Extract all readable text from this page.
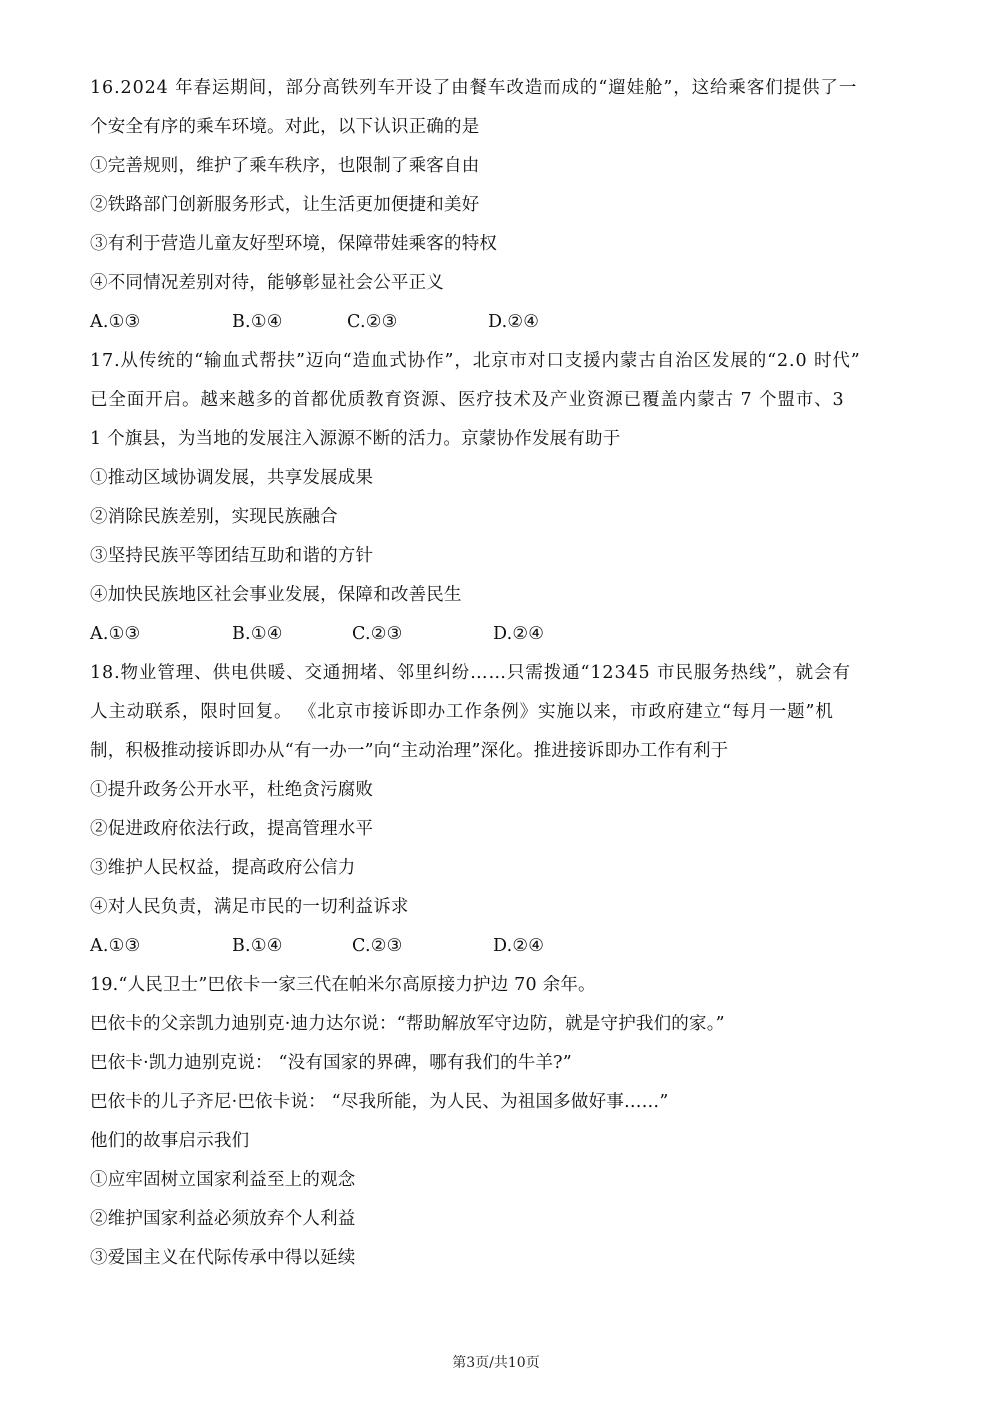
16.2024 年春运期间，部分高铁列车开设了由餐车改造而成的“遛娃舱”，这给乘客们提供了一
个安全有序的乘车环境。对此，以下认识正确的是
①完善规则，维护了乘车秩序，也限制了乘客自由
②铁路部门创新服务形式，让生活更加便捷和美好
③有利于营造儿童友好型环境，保障带娃乘客的特权
④不同情况差别对待，能够彰显社会公平正义
A.①③	B.①④	C.②③	D.②④
17.从传统的“输血式帮扶”迈向“造血式协作”，北京市对口支援内蒙古自治区发展的“2.0 时代”
已全面开启。越来越多的首都优质教育资源、医疗技术及产业资源已覆盖内蒙古 7 个盟市、3
1 个旗县，为当地的发展注入源源不断的活力。京蒙协作发展有助于
①推动区域协调发展，共享发展成果
②消除民族差别，实现民族融合
③坚持民族平等团结互助和谐的方针
④加快民族地区社会事业发展，保障和改善民生
A.①③	B.①④	C.②③	D.②④
18.物业管理、供电供暖、交通拥堵、邻里纠纷……只需拨通“12345 市民服务热线”，就会有
人主动联系，限时回复。 《北京市接诉即办工作条例》实施以来，市政府建立“每月一题”机
制，积极推动接诉即办从“有一办一”向“主动治理”深化。推进接诉即办工作有利于
①提升政务公开水平，杜绝贪污腐败
②促进政府依法行政，提高管理水平
③维护人民权益，提高政府公信力
④对人民负责，满足市民的一切利益诉求
A.①③	B.①④	C.②③	D.②④
19.“人民卫士”巴依卡一家三代在帕米尔高原接力护边 70 余年。
巴依卡的父亲凯力迪别克·迪力达尔说：“帮助解放军守边防，就是守护我们的家。”
巴依卡·凯力迪别克说： “没有国家的界碑，哪有我们的牛羊?”
巴依卡的儿子齐尼·巴依卡说： “尽我所能，为人民、为祖国多做好事……”
他们的故事启示我们
①应牢固树立国家利益至上的观念
②维护国家利益必须放弃个人利益
③爱国主义在代际传承中得以延续
第3页/共10页
